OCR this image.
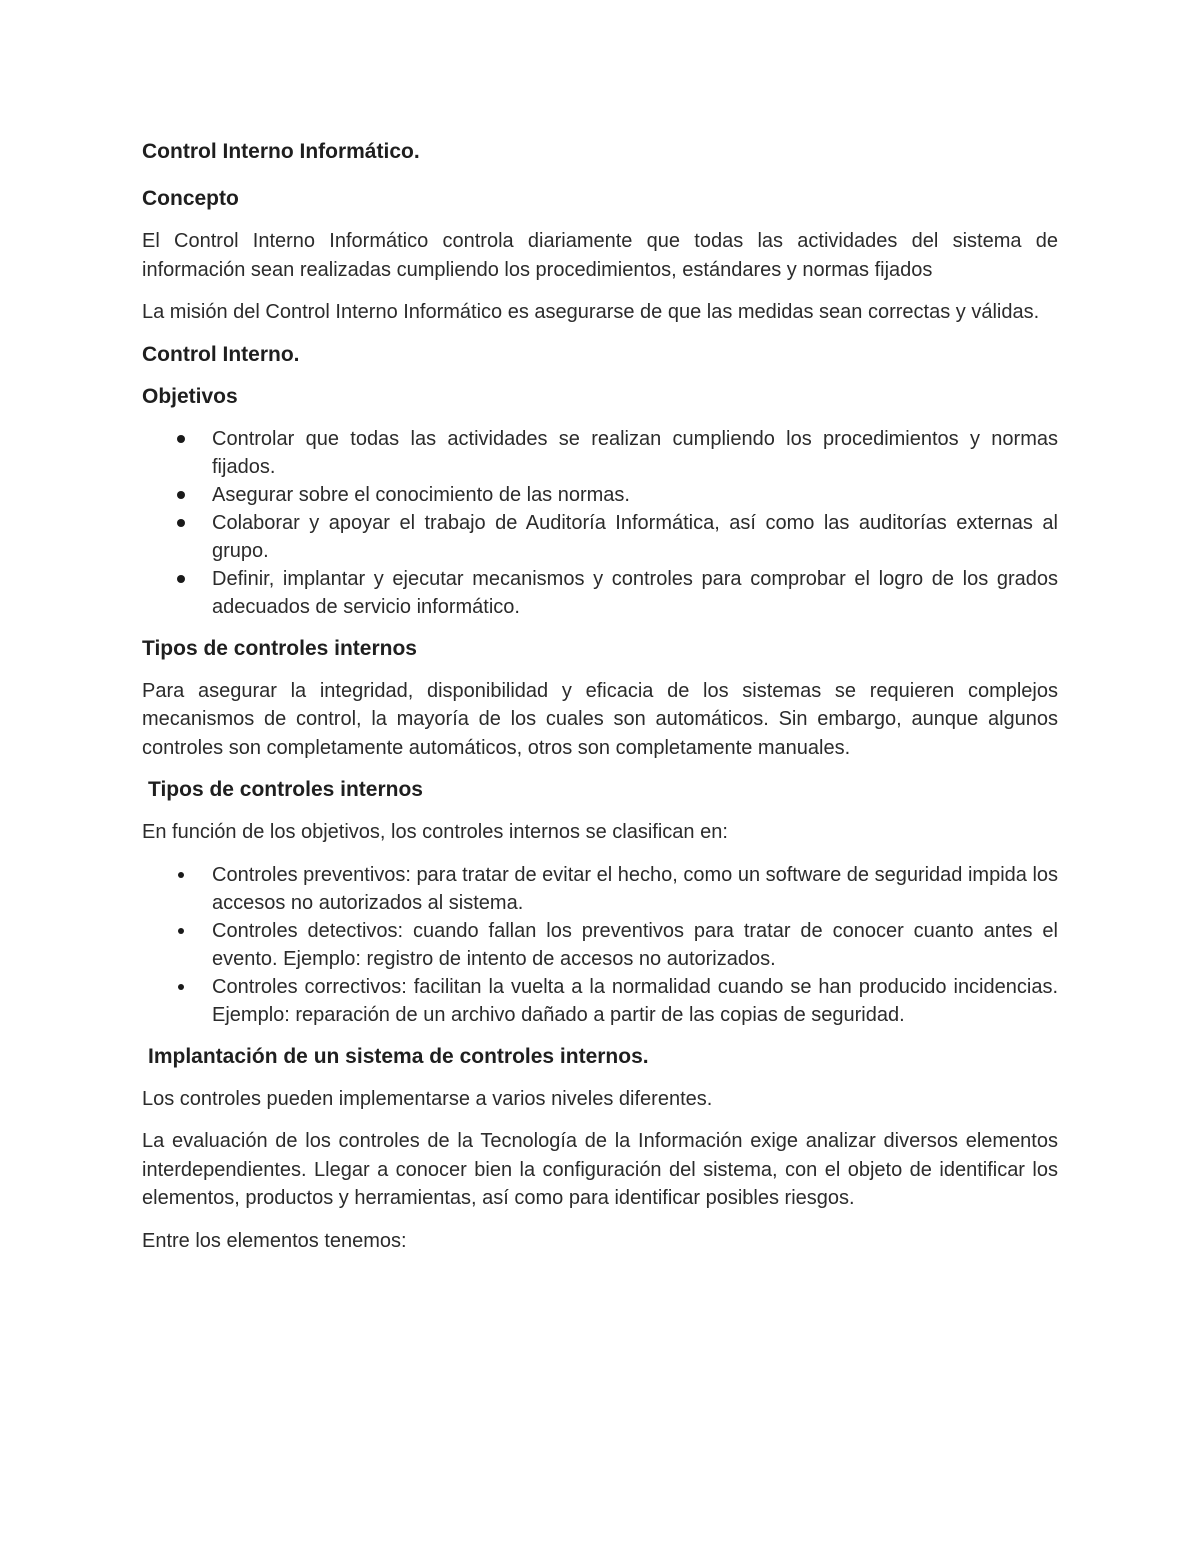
Control Interno Informático.
Concepto

El Control Interno Informático controla diariamente que todas las actividades del sistema de información sean realizadas cumpliendo los procedimientos, estándares y normas fijados

La misión del Control Interno Informático es asegurarse de que las medidas sean correctas y válidas.

Control Interno.
Objetivos
Controlar que todas las actividades se realizan cumpliendo los procedimientos y normas fijados.
Asegurar sobre el conocimiento de las normas.
Colaborar y apoyar el trabajo de Auditoría Informática, así como las auditorías externas al grupo.
Definir, implantar y ejecutar mecanismos y controles para comprobar el logro de los grados adecuados de servicio informático.
Tipos de controles internos

Para asegurar la integridad, disponibilidad y eficacia de los sistemas se requieren complejos mecanismos de control, la mayoría de los cuales son automáticos. Sin embargo, aunque algunos controles son completamente automáticos, otros son completamente manuales.

Tipos de controles internos

En función de los objetivos, los controles internos se clasifican en:

Controles preventivos: para tratar de evitar el hecho, como un software de seguridad impida los accesos no autorizados al sistema.
Controles detectivos: cuando fallan los preventivos para tratar de conocer cuanto antes el evento. Ejemplo: registro de intento de accesos no autorizados.
Controles correctivos: facilitan la vuelta a la normalidad cuando se han producido incidencias. Ejemplo: reparación de un archivo dañado a partir de las copias de seguridad.
Implantación de un sistema de controles internos.

Los controles pueden implementarse a varios niveles diferentes.

La evaluación de los controles de la Tecnología de la Información exige analizar diversos elementos interdependientes. Llegar a conocer bien la configuración del sistema, con el objeto de identificar los elementos, productos y herramientas, así como para identificar posibles riesgos.

Entre los elementos tenemos:
